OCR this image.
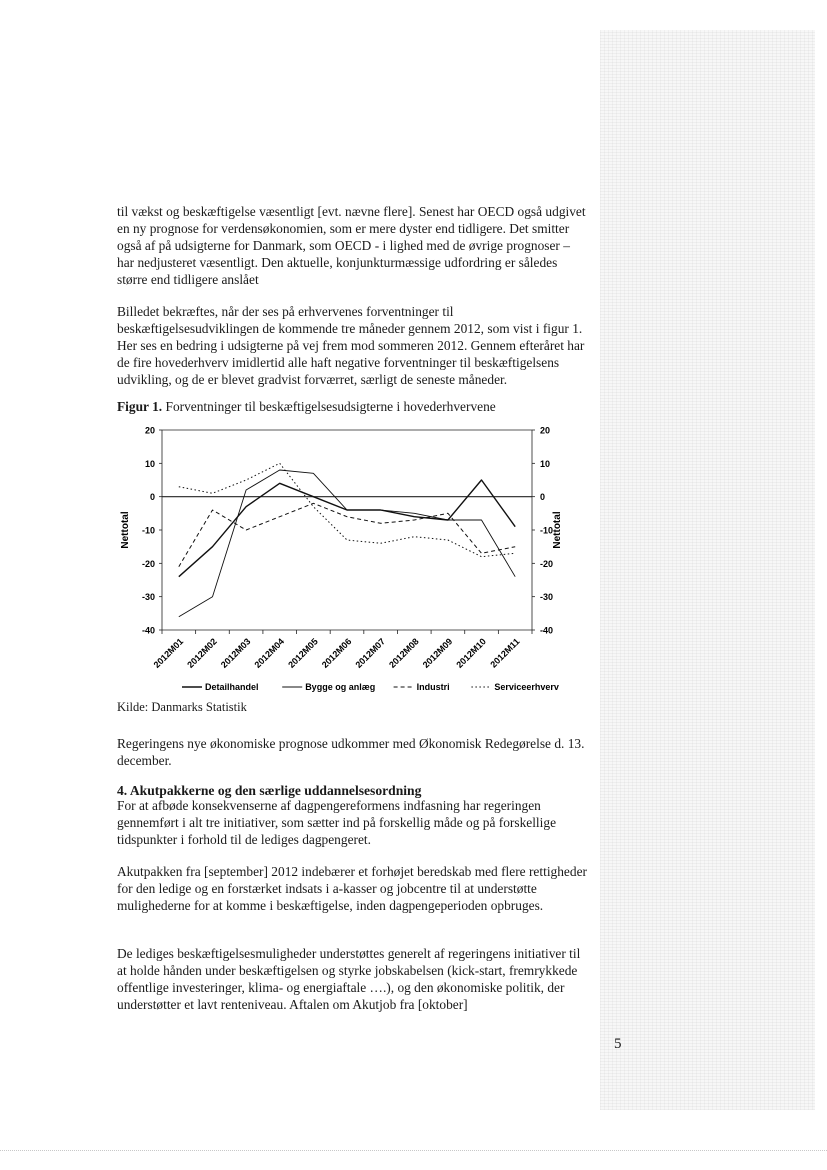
til vækst og beskæftigelse væsentligt [evt. nævne flere]. Senest har OECD også udgivet en ny prognose for verdensøkonomien, som er mere dyster end tidligere. Det smitter også af på udsigterne for Danmark, som OECD - i lighed med de øvrige prognoser – har nedjusteret væsentligt. Den aktuelle, konjunkturmæssige udfordring er således større end tidligere anslået

Billedet bekræftes, når der ses på erhvervenes forventninger til beskæftigelsesudviklingen de kommende tre måneder gennem 2012, som vist i figur 1. Her ses en bedring i udsigterne på vej frem mod sommeren 2012. Gennem efteråret har de fire hovederhverv imidlertid alle haft negative forventninger til beskæftigelsens udvikling, og de er blevet gradvist forværret, særligt de seneste måneder.

Figur 1. Forventninger til beskæftigelsesudsigterne i hovederhvervene

20	20
10	10
0	0
-10	-10
-20	-20
-30	-30
-40	-40
2012M01 2012M02 2012M03 2012M04 2012M05 2012M06 2012M07 2012M08 2012M09 2012M10 2012M11
Nettotal	Nettotal
Detailhandel	Bygge og anlæg	Industri	Serviceerhverv

Kilde: Danmarks Statistik

Regeringens nye økonomiske prognose udkommer med Økonomisk Redegørelse d. 13. december.

4. Akutpakkerne og den særlige uddannelsesordning

For at afbøde konsekvenserne af dagpengereformens indfasning har regeringen gennemført i alt tre initiativer, som sætter ind på forskellig måde og på forskellige tidspunkter i forhold til de lediges dagpengeret.

Akutpakken fra [september] 2012 indebærer et forhøjet beredskab med flere rettigheder for den ledige og en forstærket indsats i a-kasser og jobcentre til at understøtte mulighederne for at komme i beskæftigelse, inden dagpengeperioden opbruges.

De lediges beskæftigelsesmuligheder understøttes generelt af regeringens initiativer til at holde hånden under beskæftigelsen og styrke jobskabelsen (kick-start, fremrykkede offentlige investeringer, klima- og energiaftale ….), og den økonomiske politik, der understøtter et lavt renteniveau. Aftalen om Akutjob fra [oktober]

5
